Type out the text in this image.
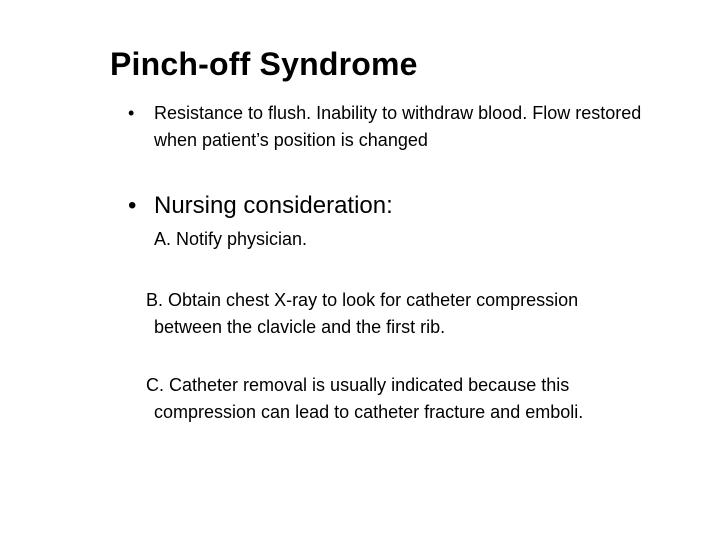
Pinch-off Syndrome
•	Resistance to flush. Inability to withdraw blood. Flow restored when patient’s position is changed
• Nursing consideration:
A. Notify physician.
B. Obtain chest X-ray to look for catheter compression
between the clavicle and the first rib.
C. Catheter removal is usually indicated because this
compression can lead to catheter fracture and emboli.
